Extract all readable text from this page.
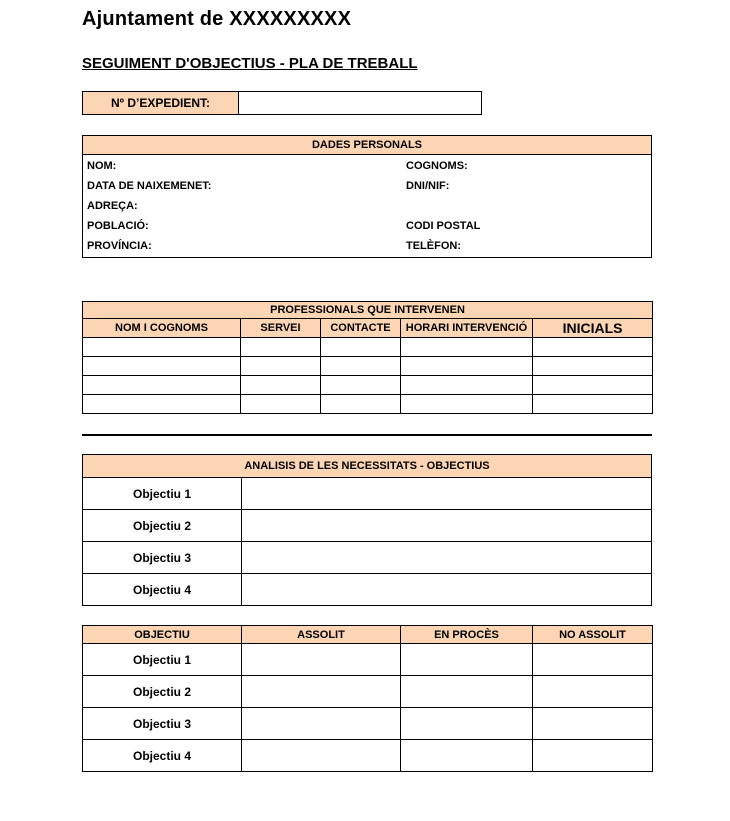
Ajuntament de XXXXXXXXX
SEGUIMENT D'OBJECTIUS - PLA DE TREBALL
Nº D’EXPEDIENT:	
DADES PERSONALS

NOM:	COGNOMS:
DATA DE NAIXEMENET:	DNI/NIF:
ADREÇA:
POBLACIÓ:	CODI POSTAL
PROVÍNCIA:	TELÈFON:
PROFESSIONALS QUE INTERVENEN				
NOM I COGNOMS	SERVEI	CONTACTE	HORARI INTERVENCIÓ	INICIALS

ANALISIS DE LES NECESSITATS - OBJECTIUS	
Objectiu 1	
Objectiu 2	
Objectiu 3	
Objectiu 4	
OBJECTIU	ASSOLIT	EN PROCÈS	NO ASSOLIT
Objectiu 1			
Objectiu 2			
Objectiu 3			
Objectiu 4			
